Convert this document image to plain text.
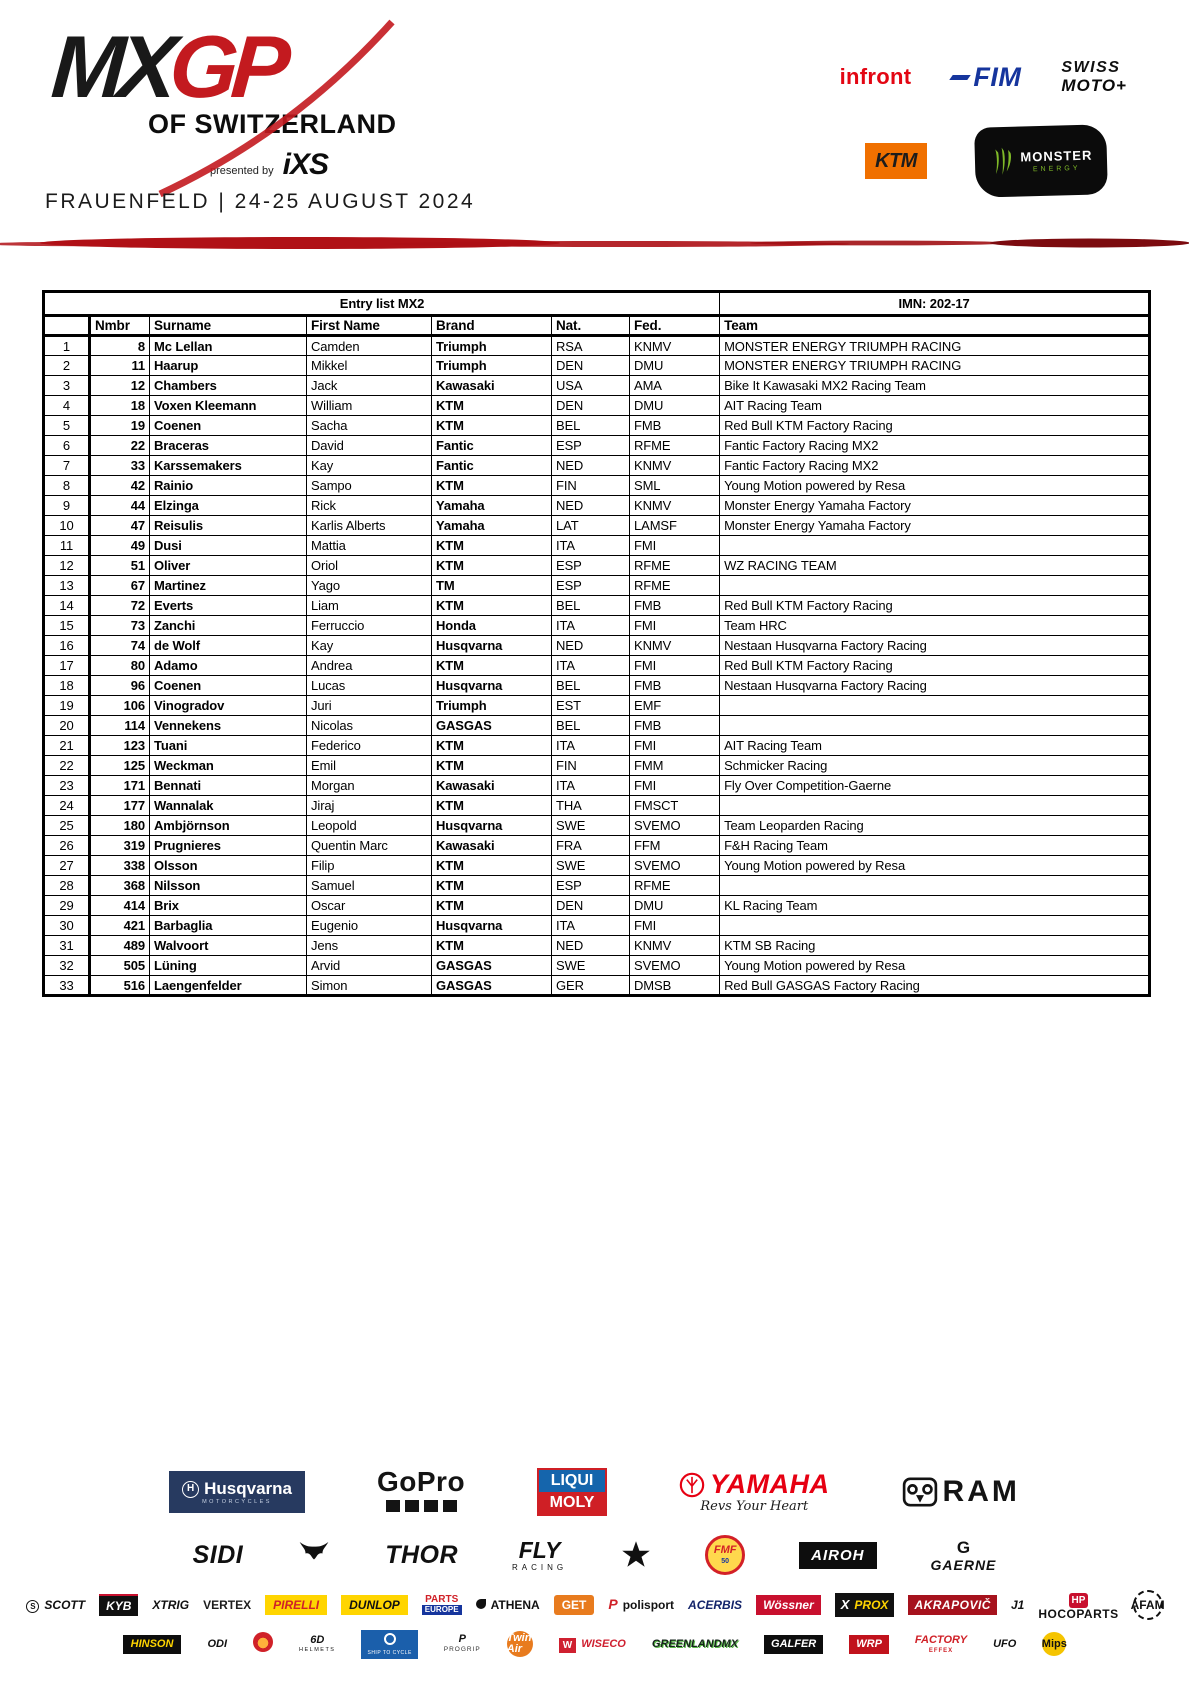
MXGP
OF SWITZERLAND
presented by iXS
FRAUENFELD | 24-25 AUGUST 2024
infront FIM	SWISS
MOTO+
KTM	MONSTER
ENERGY
Entry list MX2							IMN: 202-17
	Nmbr	Surname	First Name	Brand	Nat.	Fed.	Team
1	8	Mc Lellan	Camden	Triumph	RSA	KNMV	MONSTER ENERGY TRIUMPH RACING
2	11	Haarup	Mikkel	Triumph	DEN	DMU	MONSTER ENERGY TRIUMPH RACING
3	12	Chambers	Jack	Kawasaki	USA	AMA	Bike It Kawasaki MX2 Racing Team
4	18	Voxen Kleemann	William	KTM	DEN	DMU	AIT Racing Team
5	19	Coenen	Sacha	KTM	BEL	FMB	Red Bull KTM Factory Racing
6	22	Braceras	David	Fantic	ESP	RFME	Fantic Factory Racing MX2
7	33	Karssemakers	Kay	Fantic	NED	KNMV	Fantic Factory Racing MX2
8	42	Rainio	Sampo	KTM	FIN	SML	Young Motion powered by Resa
9	44	Elzinga	Rick	Yamaha	NED	KNMV	Monster Energy Yamaha Factory
10	47	Reisulis	Karlis Alberts	Yamaha	LAT	LAMSF	Monster Energy Yamaha Factory
11	49	Dusi	Mattia	KTM	ITA	FMI	
12	51	Oliver	Oriol	KTM	ESP	RFME	WZ RACING TEAM
13	67	Martinez	Yago	TM	ESP	RFME	
14	72	Everts	Liam	KTM	BEL	FMB	Red Bull KTM Factory Racing
15	73	Zanchi	Ferruccio	Honda	ITA	FMI	Team HRC
16	74	de Wolf	Kay	Husqvarna	NED	KNMV	Nestaan Husqvarna Factory Racing
17	80	Adamo	Andrea	KTM	ITA	FMI	Red Bull KTM Factory Racing
18	96	Coenen	Lucas	Husqvarna	BEL	FMB	Nestaan Husqvarna Factory Racing
19	106	Vinogradov	Juri	Triumph	EST	EMF	
20	114	Vennekens	Nicolas	GASGAS	BEL	FMB	
21	123	Tuani	Federico	KTM	ITA	FMI	AIT Racing Team
22	125	Weckman	Emil	KTM	FIN	FMM	Schmicker Racing
23	171	Bennati	Morgan	Kawasaki	ITA	FMI	Fly Over Competition-Gaerne
24	177	Wannalak	Jiraj	KTM	THA	FMSCT	
25	180	Ambjörnson	Leopold	Husqvarna	SWE	SVEMO	Team Leoparden Racing
26	319	Prugnieres	Quentin Marc	Kawasaki	FRA	FFM	F&H Racing Team
27	338	Olsson	Filip	KTM	SWE	SVEMO	Young Motion powered by Resa
28	368	Nilsson	Samuel	KTM	ESP	RFME	
29	414	Brix	Oscar	KTM	DEN	DMU	KL Racing Team
30	421	Barbaglia	Eugenio	Husqvarna	ITA	FMI	
31	489	Walvoort	Jens	KTM	NED	KNMV	KTM SB Racing
32	505	Lüning	Arvid	GASGAS	SWE	SVEMO	Young Motion powered by Resa
33	516	Laengenfelder	Simon	GASGAS	GER	DMSB	Red Bull GASGAS Factory Racing
H Husqvarna
MOTORCYCLES
GoPro	LIQUI
MOLY
YAMAHA
Revs Your Heart	RAM
SIDI	THOR	FLY
RACING
FMF
50	AIROH	G
GAERNE
S SCOTT KYB XTRIG VERTEX PIRELLI	DUNLOP	PARTS
EUROPE	ATHENA GET P polisport ACERBIS Wössner X PROX AKRAPOVIČ J1	HP
HOCOPARTS
AFAM
HINSON	ODI	6D
HELMETS	SHIP TO CYCLE
P
PROGRIP
Twin Air	W WISECO GREENLANDMX	GALFER	WRP	FACTORY
EFFEX
UFO Mips
